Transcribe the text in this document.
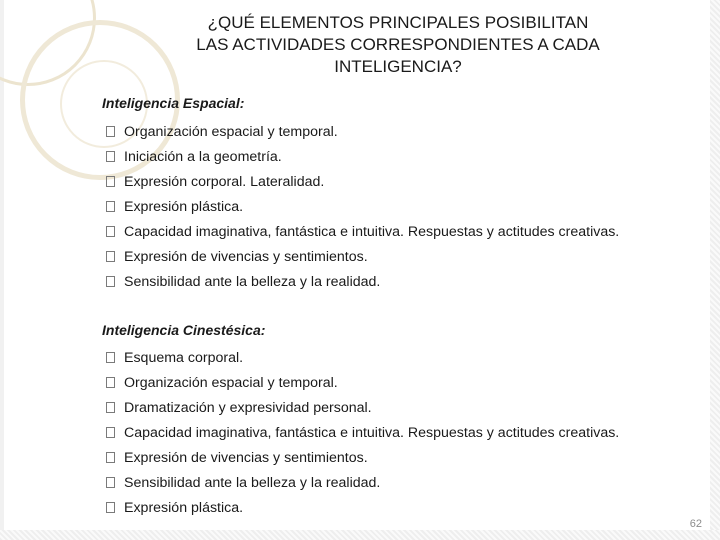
¿QUÉ ELEMENTOS PRINCIPALES POSIBILITAN
LAS ACTIVIDADES CORRESPONDIENTES A CADA
INTELIGENCIA?
Inteligencia Espacial:
Organización espacial y temporal.
Iniciación a la geometría.
Expresión corporal. Lateralidad.
Expresión plástica.
Capacidad imaginativa, fantástica e intuitiva. Respuestas y actitudes creativas.
Expresión de vivencias y sentimientos.
Sensibilidad ante la belleza y la realidad.
Inteligencia Cinestésica:
Esquema corporal.
Organización espacial y temporal.
Dramatización y expresividad personal.
Capacidad imaginativa, fantástica e intuitiva. Respuestas y actitudes creativas.
Expresión de vivencias y sentimientos.
Sensibilidad ante la belleza y la realidad.
Expresión plástica.
62
